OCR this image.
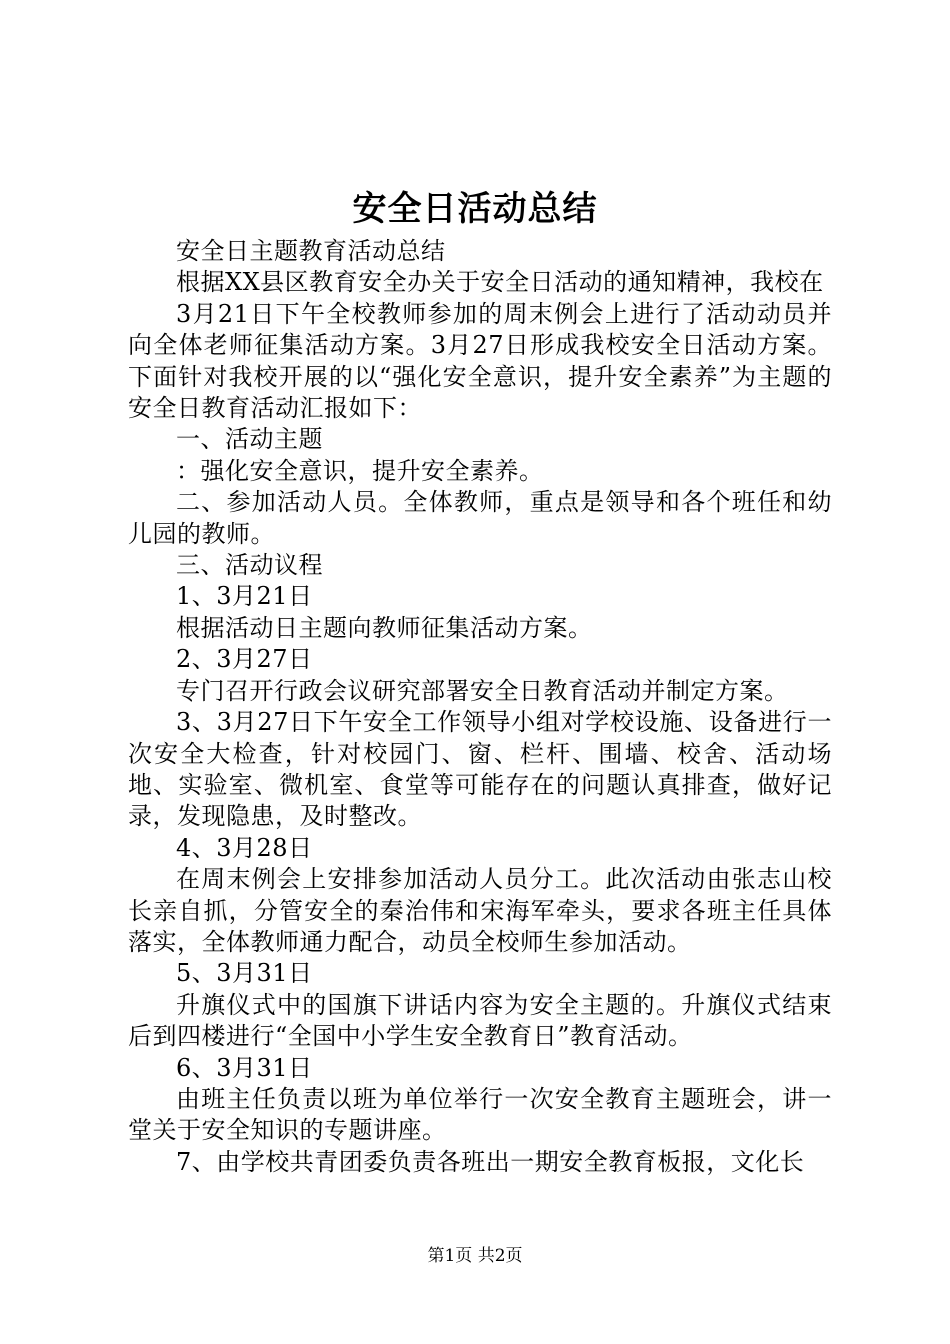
安全日活动总结

安全日主题教育活动总结

根据XX县区教育安全办关于安全日活动的通知精神，我校在

3月21日下午全校教师参加的周末例会上进行了活动动员并向全体老师征集活动方案。3月27日形成我校安全日活动方案。下面针对我校开展的以“强化安全意识，提升安全素养”为主题的安全日教育活动汇报如下：

一、活动主题

：强化安全意识，提升安全素养。

二、参加活动人员。全体教师，重点是领导和各个班任和幼儿园的教师。

三、活动议程

1、3月21日

根据活动日主题向教师征集活动方案。

2、3月27日

专门召开行政会议研究部署安全日教育活动并制定方案。

3、3月27日下午安全工作领导小组对学校设施、设备进行一次安全大检查，针对校园门、窗、栏杆、围墙、校舍、活动场地、实验室、微机室、食堂等可能存在的问题认真排查，做好记录，发现隐患，及时整改。

4、3月28日

在周末例会上安排参加活动人员分工。此次活动由张志山校长亲自抓，分管安全的秦治伟和宋海军牵头，要求各班主任具体落实，全体教师通力配合，动员全校师生参加活动。

5、3月31日

升旗仪式中的国旗下讲话内容为安全主题的。升旗仪式结束后到四楼进行“全国中小学生安全教育日”教育活动。

6、3月31日

由班主任负责以班为单位举行一次安全教育主题班会，讲一堂关于安全知识的专题讲座。

7、由学校共青团委负责各班出一期安全教育板报，文化长

第1页 共2页
